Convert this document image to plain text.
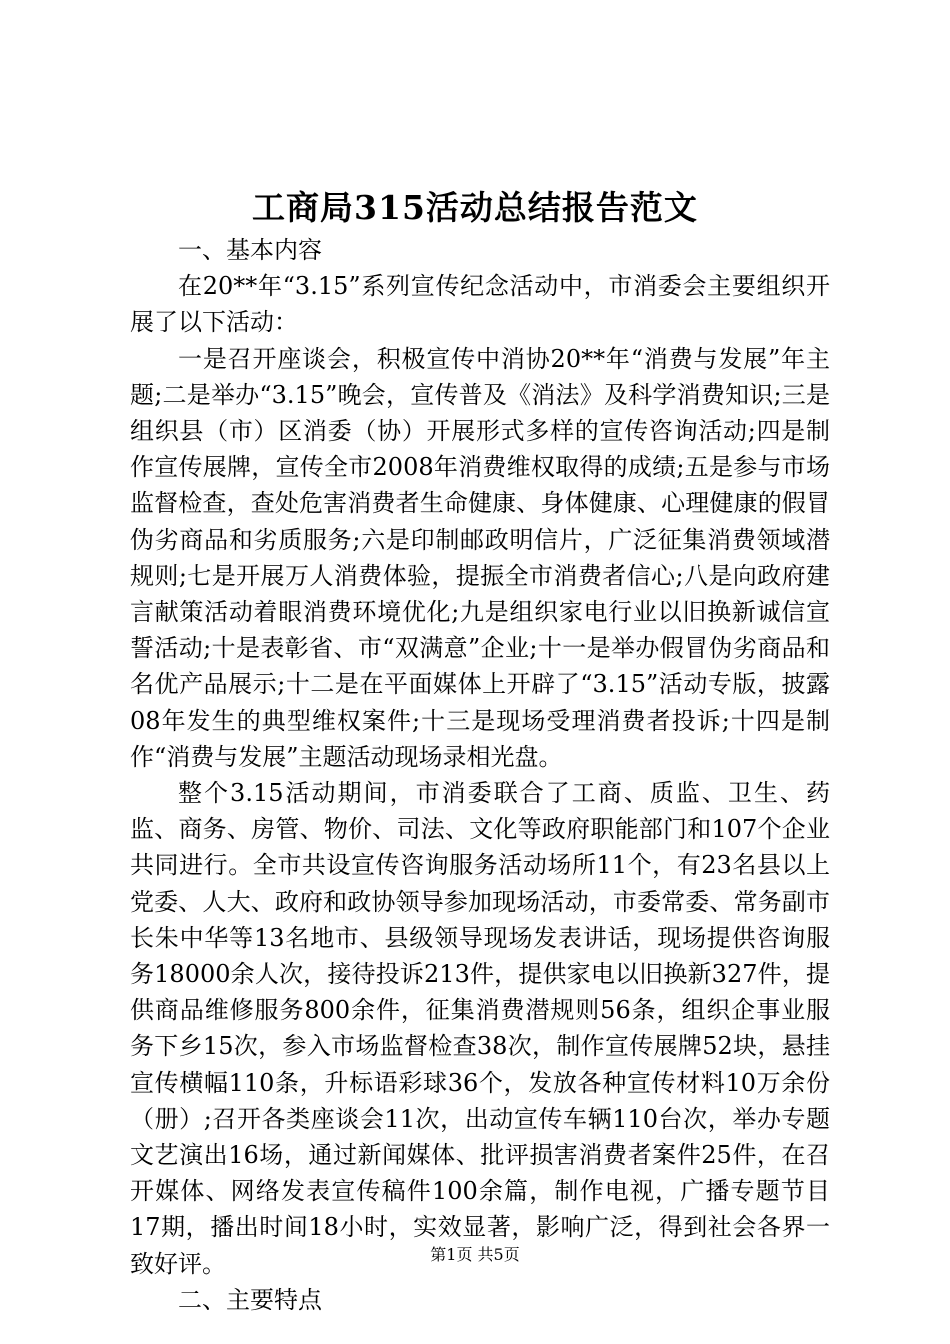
工商局315活动总结报告范文

一、基本内容

在20**年“3.15”系列宣传纪念活动中，市消委会主要组织开展了以下活动：

一是召开座谈会，积极宣传中消协20**年“消费与发展”年主题;二是举办“3.15”晚会，宣传普及《消法》及科学消费知识;三是组织县（市）区消委（协）开展形式多样的宣传咨询活动;四是制作宣传展牌，宣传全市2008年消费维权取得的成绩;五是参与市场监督检查，查处危害消费者生命健康、身体健康、心理健康的假冒伪劣商品和劣质服务;六是印制邮政明信片，广泛征集消费领域潜规则;七是开展万人消费体验，提振全市消费者信心;八是向政府建言献策活动着眼消费环境优化;九是组织家电行业以旧换新诚信宣誓活动;十是表彰省、市“双满意”企业;十一是举办假冒伪劣商品和名优产品展示;十二是在平面媒体上开辟了“3.15”活动专版，披露08年发生的典型维权案件;十三是现场受理消费者投诉;十四是制作“消费与发展”主题活动现场录相光盘。

整个3.15活动期间，市消委联合了工商、质监、卫生、药监、商务、房管、物价、司法、文化等政府职能部门和107个企业共同进行。全市共设宣传咨询服务活动场所11个，有23名县以上党委、人大、政府和政协领导参加现场活动，市委常委、常务副市长朱中华等13名地市、县级领导现场发表讲话，现场提供咨询服务18000余人次，接待投诉213件，提供家电以旧换新327件，提供商品维修服务800余件，征集消费潜规则56条，组织企事业服务下乡15次，参入市场监督检查38次，制作宣传展牌52块，悬挂宣传横幅110条，升标语彩球36个，发放各种宣传材料10万余份（册）;召开各类座谈会11次，出动宣传车辆110台次，举办专题文艺演出16场，通过新闻媒体、批评损害消费者案件25件，在召开媒体、网络发表宣传稿件100余篇，制作电视，广播专题节目17期，播出时间18小时，实效显著，影响广泛，得到社会各界一致好评。

二、主要特点

第1页 共5页
